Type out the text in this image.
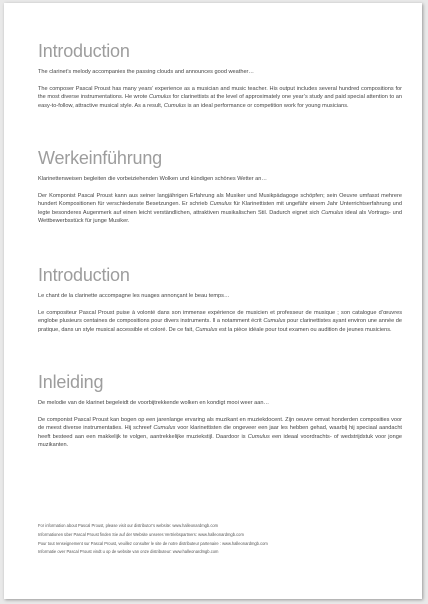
Introduction

The clarinet’s melody accompanies the passing clouds and announces good weather…

The composer Pascal Proust has many years’ experience as a musician and music teacher. His output includes several hundred compositions for the most diverse instrumentations. He wrote Cumulus for clarinettists at the level of approximately one year’s study and paid special attention to an easy-to-follow, attractive musical style. As a result, Cumulus is an ideal performance or competition work for young musicians.

Werkeinführung

Klarinettenweisen begleiten die vorbeiziehenden Wolken und kündigen schönes Wetter an…

Der Komponist Pascal Proust kann aus seiner langjährigen Erfahrung als Musiker und Musikpädagoge schöpfen; sein Oeuvre umfasst mehrere hundert Kompositionen für verschiedenste Besetzungen. Er schrieb Cumulus für Klarinettisten mit ungefähr einem Jahr Unterrichtserfahrung und legte besonderes Augenmerk auf einen leicht verständlichen, attraktiven musikalischen Stil. Dadurch eignet sich Cumulus ideal als Vortrags- und Wettbewerbsstück für junge Musiker.

Introduction

Le chant de la clarinette accompagne les nuages annonçant le beau temps…

Le compositeur Pascal Proust puise à volonté dans son immense expérience de musicien et professeur de musique ; son catalogue d’œuvres englobe plusieurs centaines de compositions pour divers instruments. Il a notamment écrit Cumulus pour clarinettistes ayant environ une année de pratique, dans un style musical accessible et coloré. De ce fait, Cumulus est la pièce idéale pour tout examen ou audition de jeunes musiciens.

Inleiding

De melodie van de klarinet begeleidt de voorbijtrekkende wolken en kondigt mooi weer aan…

De componist Pascal Proust kan bogen op een jarenlange ervaring als muzikant en muziekdocent. Zijn oeuvre omvat honderden composities voor de meest diverse instrumentaties. Hij schreef Cumulus voor klarinettisten die ongeveer een jaar les hebben gehad, waarbij hij speciaal aandacht heeft besteed aan een makkelijk te volgen, aantrekkelijke muziekstijl. Daardoor is Cumulus een ideaal voordrachts- of wedstrijdstuk voor jonge muzikanten.

For information about Pascal Proust, please visit our distributor’s website: www.halleonardmgb.com

Informationen über Pascal Proust finden Sie auf der Website unseres Vertriebspartners: www.halleonardmgb.com

Pour tout renseignement sur Pascal Proust, veuillez consulter le site de notre distributeur partenaire : www.halleonardmgb.com

Informatie over Pascal Proust vindt u op de website van onze distributeur: www.halleonardmgb.com
